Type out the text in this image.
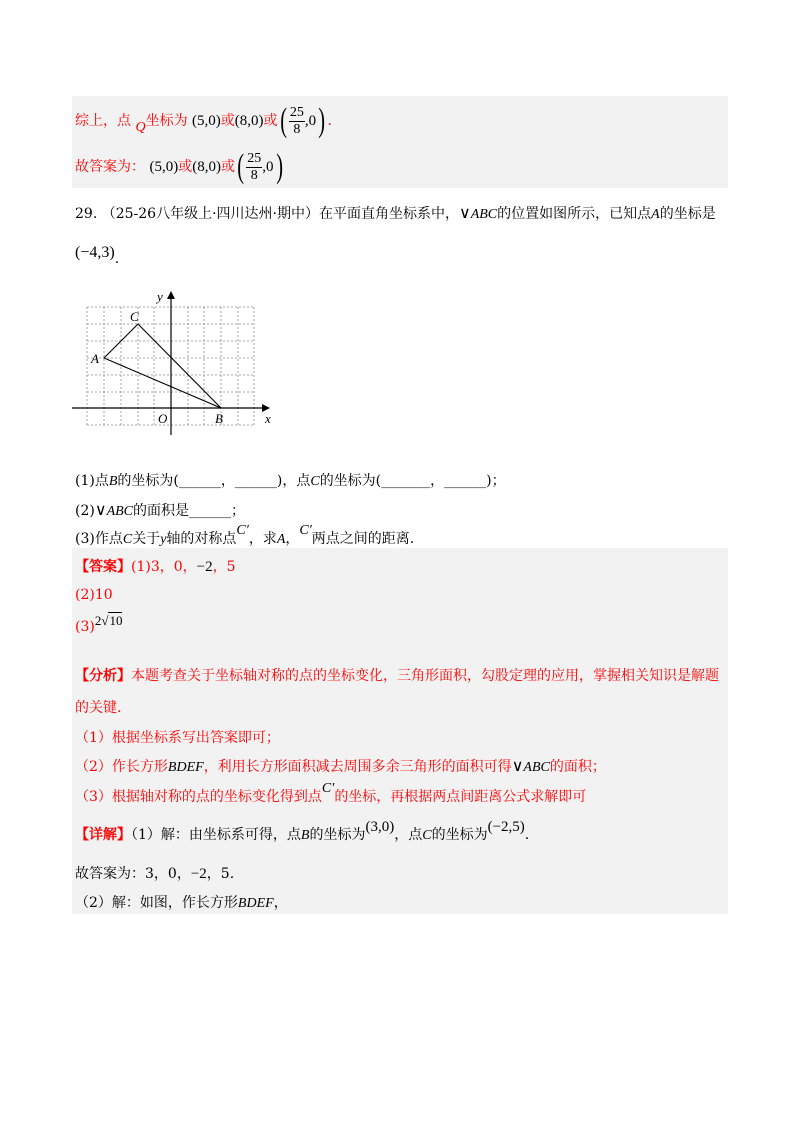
综上，点 Q坐标为 (5,0)或(8,0)或( $\frac{25}{8} ,0$) .
故答案为： (5,0)或(8,0)或( $\frac{25}{8} ,0$)
29. （25-26八年级上·四川达州·期中）在平面直角坐标系中，∨ABC的位置如图所示，已知点A的坐标是
(−4,3).
y
x
O
A
B
C
(1)点B的坐标为(______，______)，点C的坐标为(_______，______)；
(2)∨ABC的面积是______；
(3)作点C关于y轴的对称点C′，求A，C′两点之间的距离.
【答案】(1)3，0，−2，5
(2)10
(3)2√10
【分析】本题考查关于坐标轴对称的点的坐标变化，三角形面积，勾股定理的应用，掌握相关知识是解题
的关键.
（1）根据坐标系写出答案即可；
（2）作长方形BDEF，利用长方形面积减去周围多余三角形的面积可得∨ABC的面积；
（3）根据轴对称的点的坐标变化得到点C′的坐标，再根据两点间距离公式求解即可
【详解】（1）解：由坐标系可得，点B的坐标为(3,0)，点C的坐标为(−2,5).
故答案为：3，0，−2，5.
（2）解：如图，作长方形BDEF，
